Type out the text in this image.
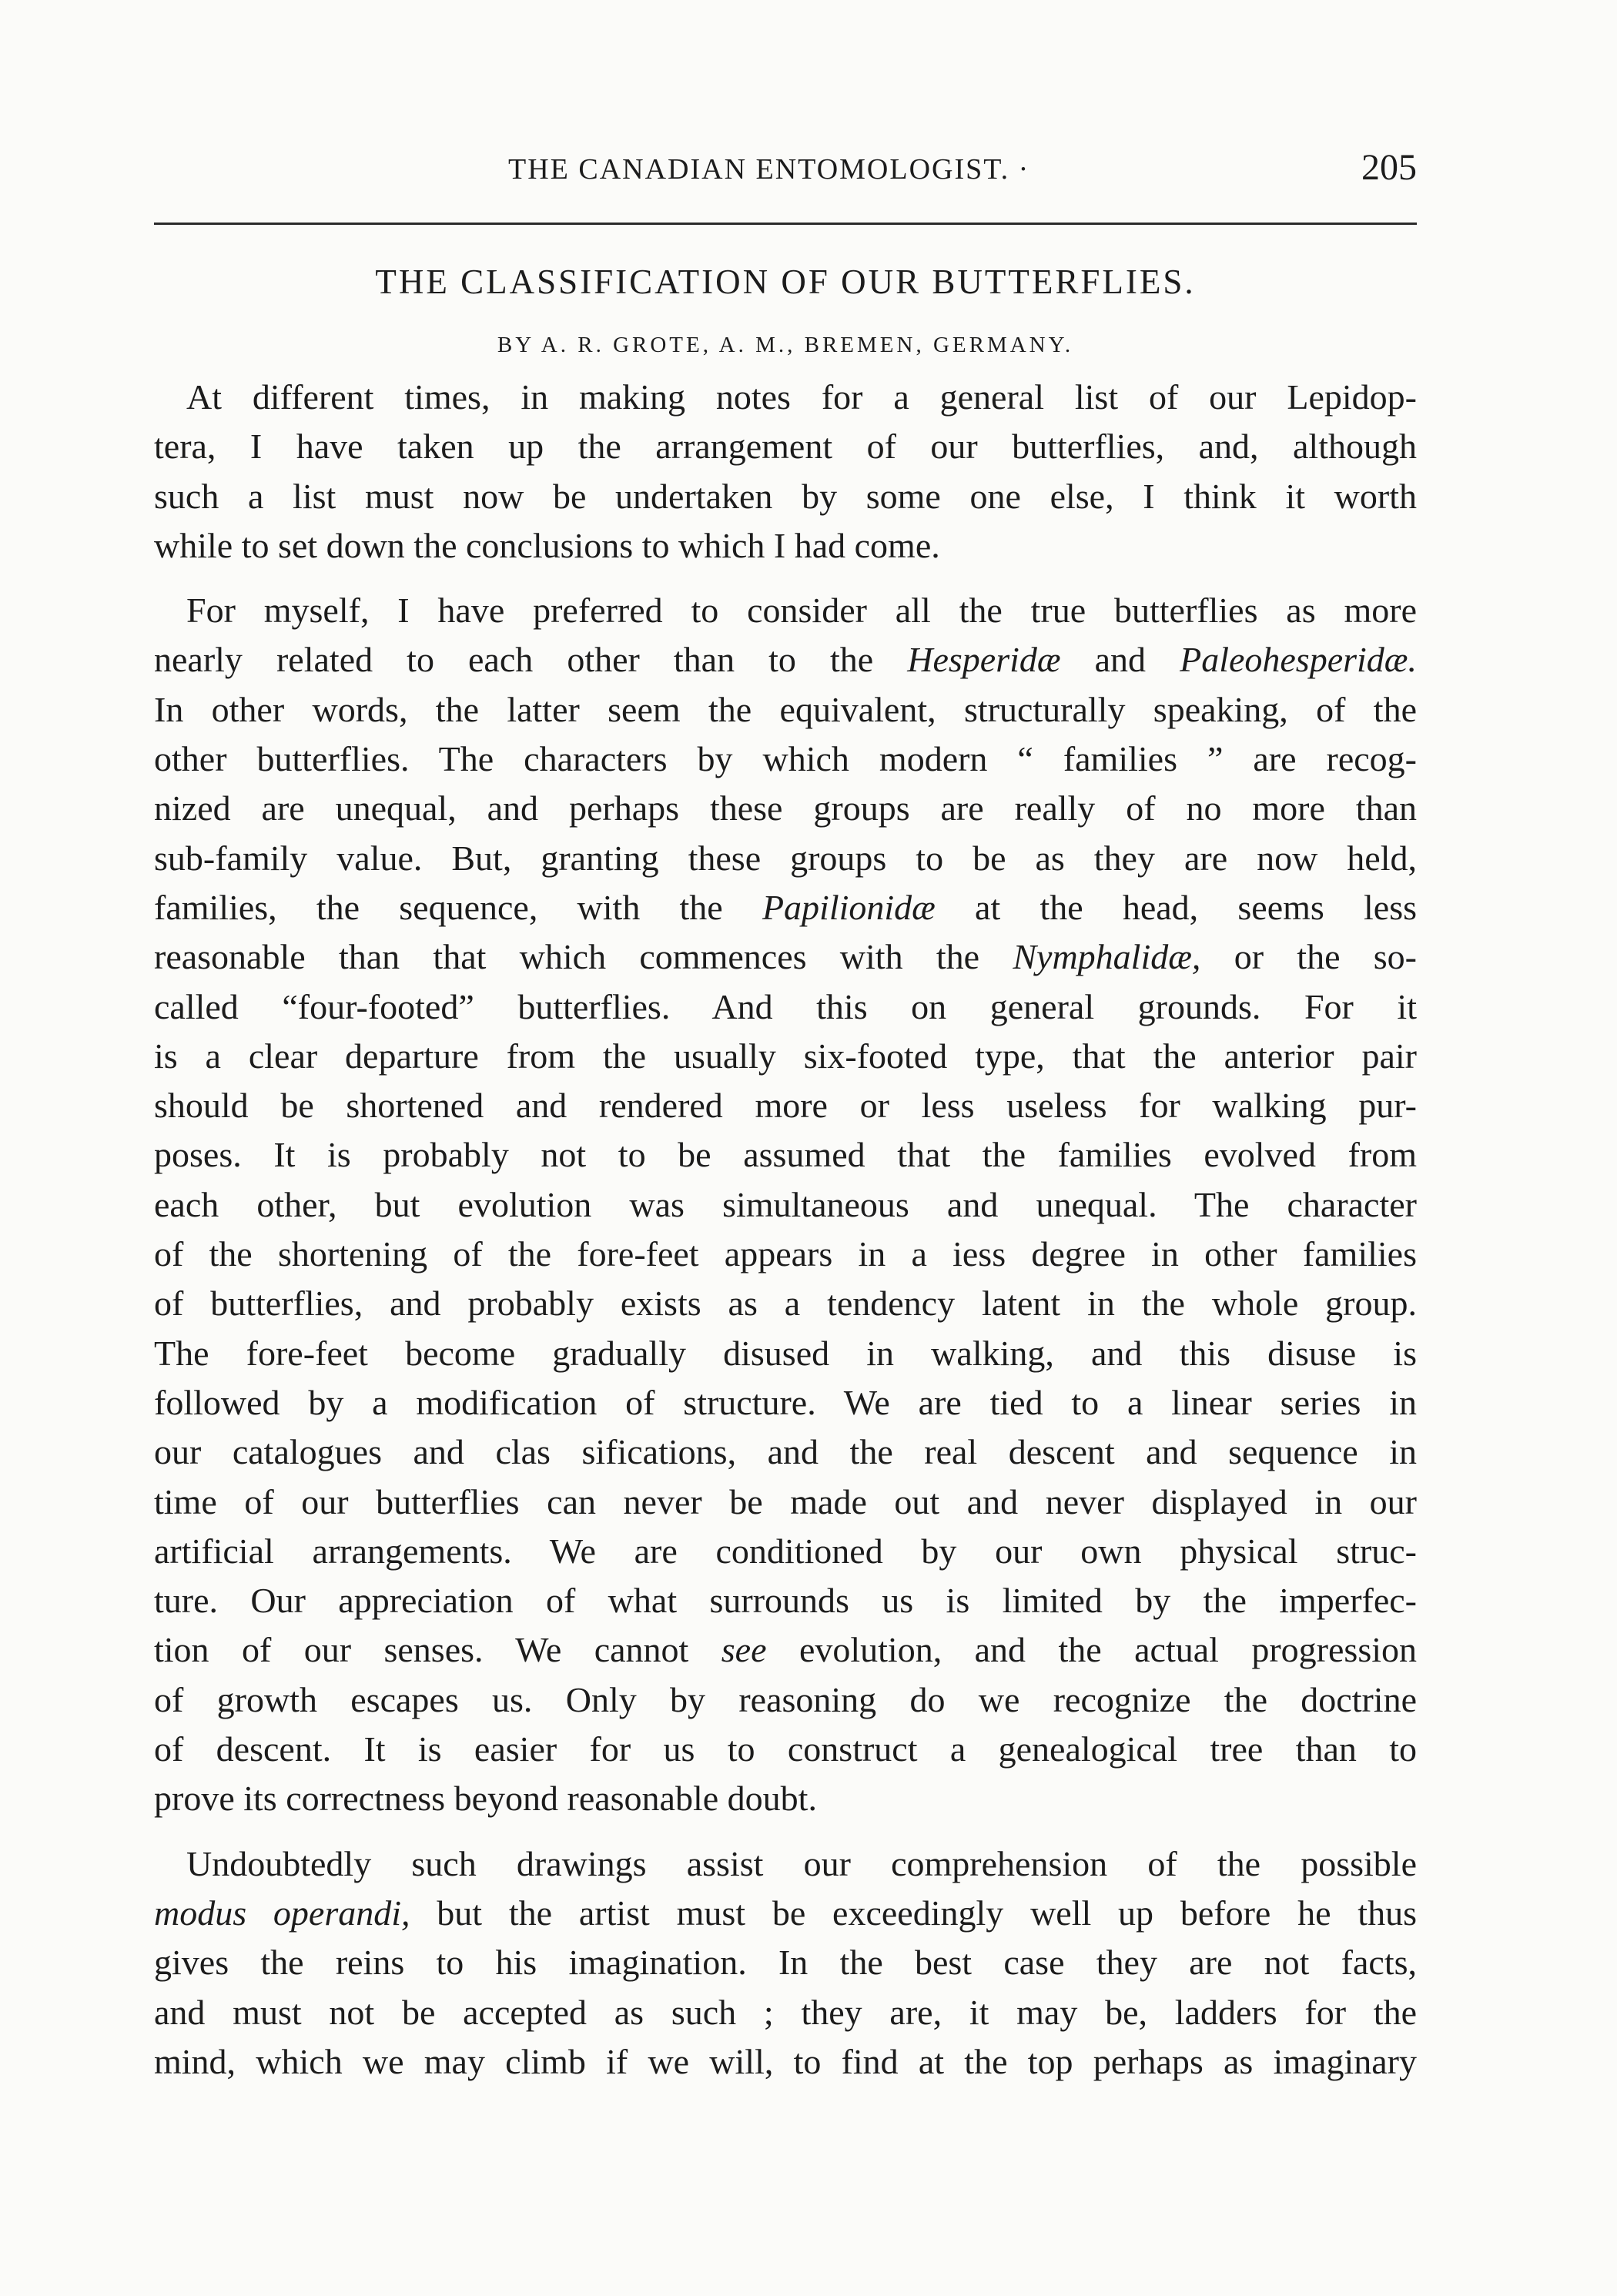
THE CANADIAN ENTOMOLOGIST. ·	205
THE CLASSIFICATION OF OUR BUTTERFLIES.
BY A. R. GROTE, A. M., BREMEN, GERMANY.
At different times, in making notes for a general list of our Lepidop-
tera, I have taken up the arrangement of our butterflies, and, although
such a list must now be undertaken by some one else, I think it worth
while to set down the conclusions to which I had come.
For myself, I have preferred to consider all the true butterflies as more
nearly related to each other than to the Hesperidæ and Paleohesperidæ.
In other words, the latter seem the equivalent, structurally speaking, of the
other butterflies. The characters by which modern “ families ” are recog-
nized are unequal, and perhaps these groups are really of no more than
sub-family value. But, granting these groups to be as they are now held,
families, the sequence, with the Papilionidæ at the head, seems less
reasonable than that which commences with the Nymphalidæ, or the so-
called “four-footed” butterflies. And this on general grounds. For it
is a clear departure from the usually six-footed type, that the anterior pair
should be shortened and rendered more or less useless for walking pur-
poses. It is probably not to be assumed that the families evolved from
each other, but evolution was simultaneous and unequal. The character
of the shortening of the fore-feet appears in a iess degree in other families
of butterflies, and probably exists as a tendency latent in the whole group.
The fore-feet become gradually disused in walking, and this disuse is
followed by a modification of structure. We are tied to a linear series in
our catalogues and clas sifications, and the real descent and sequence in
time of our butterflies can never be made out and never displayed in our
artificial arrangements. We are conditioned by our own physical struc-
ture. Our appreciation of what surrounds us is limited by the imperfec-
tion of our senses. We cannot see evolution, and the actual progression
of growth escapes us. Only by reasoning do we recognize the doctrine
of descent. It is easier for us to construct a genealogical tree than to
prove its correctness beyond reasonable doubt.
Undoubtedly such drawings assist our comprehension of the possible
modus operandi, but the artist must be exceedingly well up before he thus
gives the reins to his imagination. In the best case they are not facts,
and must not be accepted as such ; they are, it may be, ladders for the
mind, which we may climb if we will, to find at the top perhaps as imaginary
